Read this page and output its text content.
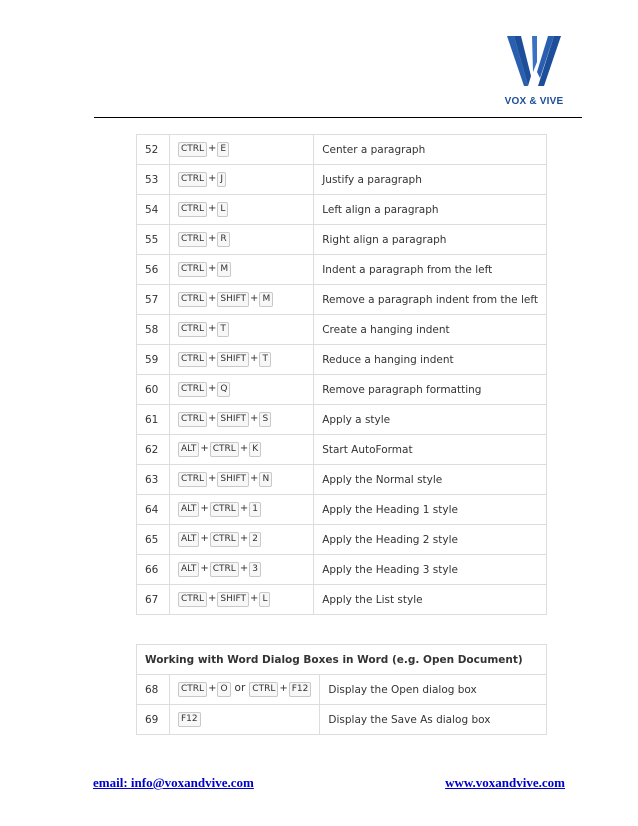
VOX & VIVE
52	CTRL + E	Center a paragraph
53	CTRL + J	Justify a paragraph
54	CTRL + L	Left align a paragraph
55	CTRL + R	Right align a paragraph
56	CTRL + M	Indent a paragraph from the left
57	CTRL + SHIFT + M	Remove a paragraph indent from the left
58	CTRL + T	Create a hanging indent
59	CTRL + SHIFT + T	Reduce a hanging indent
60	CTRL + Q	Remove paragraph formatting
61	CTRL + SHIFT + S	Apply a style
62	ALT + CTRL + K	Start AutoFormat
63	CTRL + SHIFT + N	Apply the Normal style
64	ALT + CTRL + 1	Apply the Heading 1 style
65	ALT + CTRL + 2	Apply the Heading 2 style
66	ALT + CTRL + 3	Apply the Heading 3 style
67	CTRL + SHIFT + L	Apply the List style
Working with Word Dialog Boxes in Word (e.g. Open Document)		
68	CTRL + O or CTRL + F12	Display the Open dialog box
69	F12	Display the Save As dialog box
email: info@voxandvive.com	www.voxandvive.com
